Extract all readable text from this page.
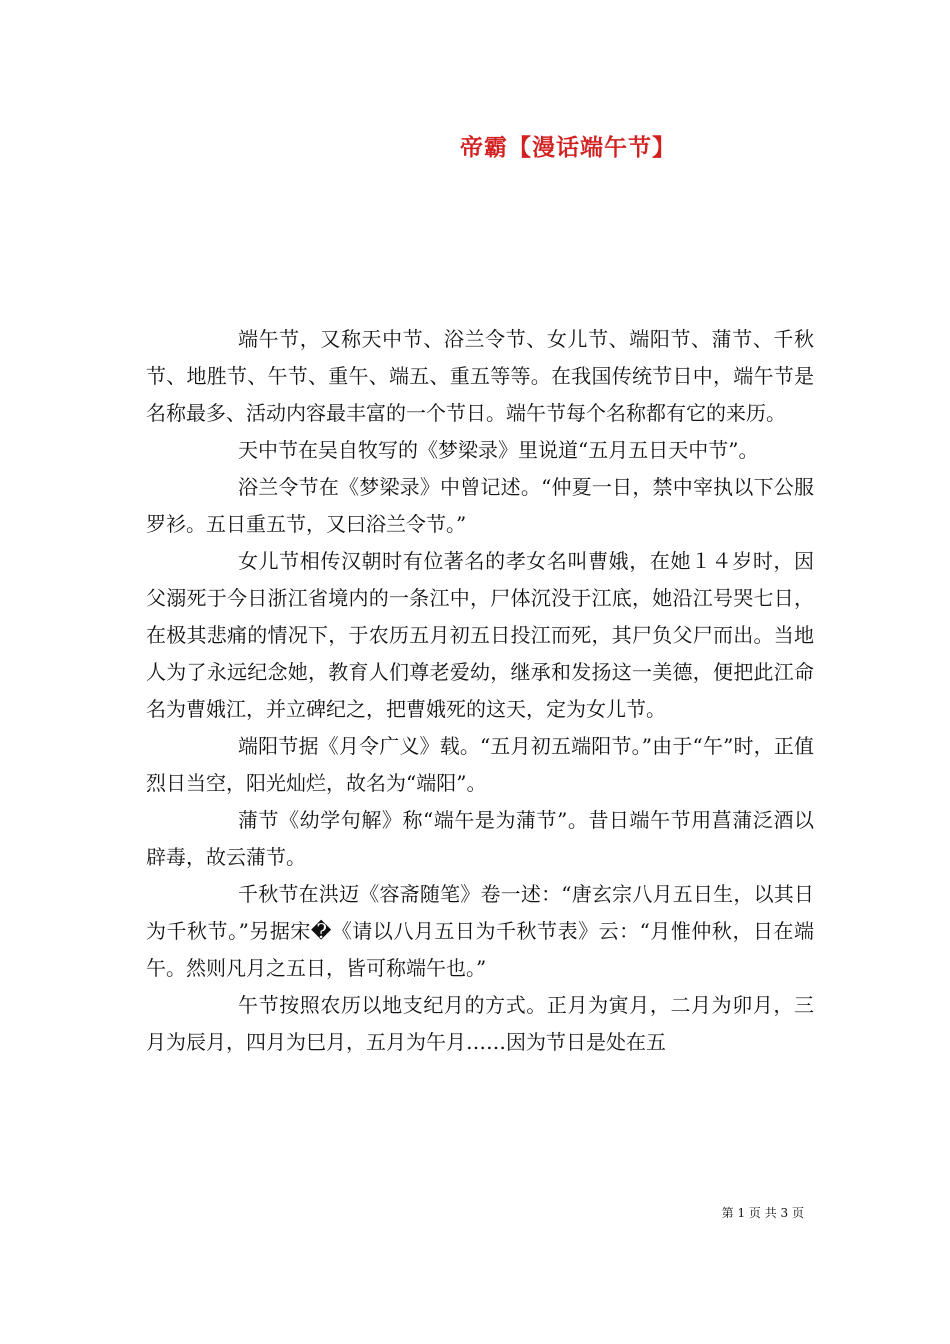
帝霸【漫话端午节】

端午节，又称天中节、浴兰令节、女儿节、端阳节、蒲节、千秋节、地胜节、午节、重午、端五、重五等等。在我国传统节日中，端午节是名称最多、活动内容最丰富的一个节日。端午节每个名称都有它的来历。

天中节在吴自牧写的《梦梁录》里说道“五月五日天中节”。

浴兰令节在《梦梁录》中曾记述。“仲夏一日，禁中宰执以下公服罗衫。五日重五节，又曰浴兰令节。”

女儿节相传汉朝时有位著名的孝女名叫曹娥，在她１４岁时，因父溺死于今日浙江省境内的一条江中，尸体沉没于江底，她沿江号哭七日，在极其悲痛的情况下，于农历五月初五日投江而死，其尸负父尸而出。当地人为了永远纪念她，教育人们尊老爱幼，继承和发扬这一美德，便把此江命名为曹娥江，并立碑纪之，把曹娥死的这天，定为女儿节。

端阳节据《月令广义》载。“五月初五端阳节。”由于“午”时，正值烈日当空，阳光灿烂，故名为“端阳”。

蒲节《幼学句解》称“端午是为蒲节”。昔日端午节用菖蒲泛酒以辟毒，故云蒲节。

千秋节在洪迈《容斋随笔》卷一述：“唐玄宗八月五日生，以其日为千秋节。”另据宋�《请以八月五日为千秋节表》云：“月惟仲秋，日在端午。然则凡月之五日，皆可称端午也。”

午节按照农历以地支纪月的方式。正月为寅月，二月为卯月，三月为辰月，四月为巳月，五月为午月……因为节日是处在五

第 1 页 共 3 页
